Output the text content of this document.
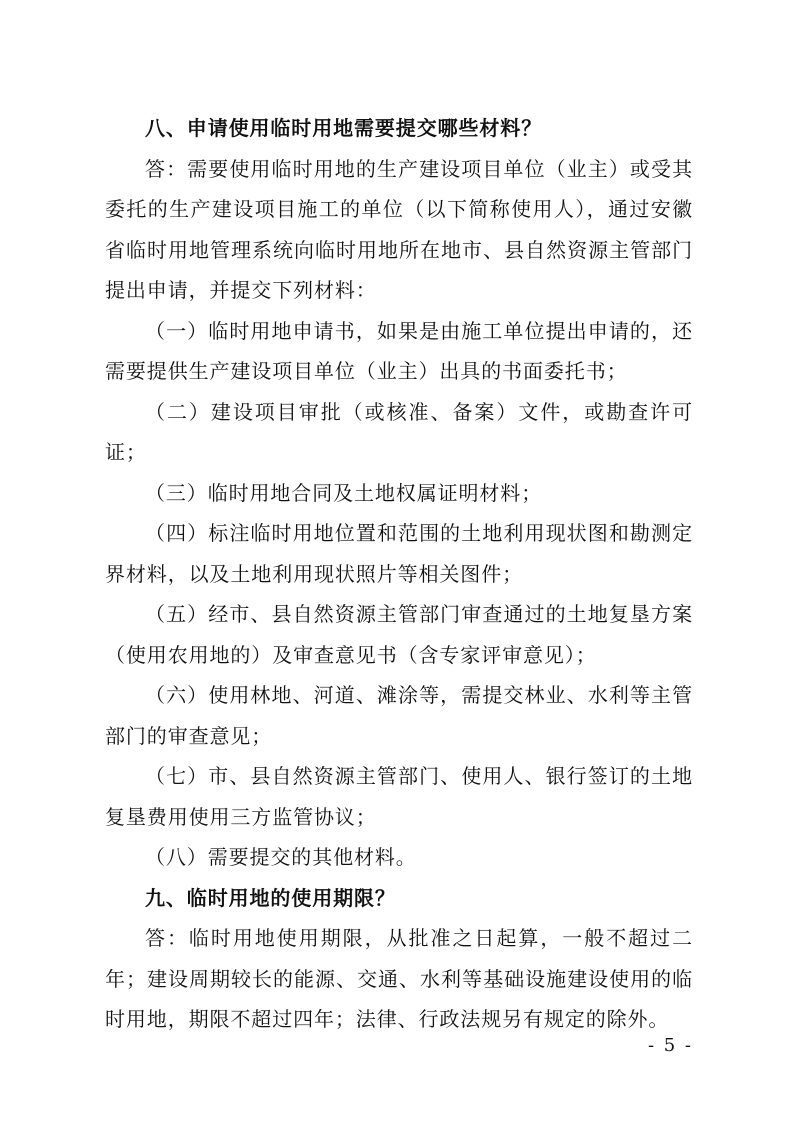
八、申请使用临时用地需要提交哪些材料？

答：需要使用临时用地的生产建设项目单位（业主）或受其委托的生产建设项目施工的单位（以下简称使用人），通过安徽省临时用地管理系统向临时用地所在地市、县自然资源主管部门提出申请，并提交下列材料：

（一）临时用地申请书，如果是由施工单位提出申请的，还需要提供生产建设项目单位（业主）出具的书面委托书；

（二）建设项目审批（或核准、备案）文件，或勘查许可证；

（三）临时用地合同及土地权属证明材料；

（四）标注临时用地位置和范围的土地利用现状图和勘测定界材料，以及土地利用现状照片等相关图件；

（五）经市、县自然资源主管部门审查通过的土地复垦方案（使用农用地的）及审查意见书（含专家评审意见）；

（六）使用林地、河道、滩涂等，需提交林业、水利等主管部门的审查意见；

（七）市、县自然资源主管部门、使用人、银行签订的土地复垦费用使用三方监管协议；

（八）需要提交的其他材料。

九、临时用地的使用期限？

答：临时用地使用期限，从批准之日起算，一般不超过二年；建设周期较长的能源、交通、水利等基础设施建设使用的临时用地，期限不超过四年；法律、行政法规另有规定的除外。

- 5 -
